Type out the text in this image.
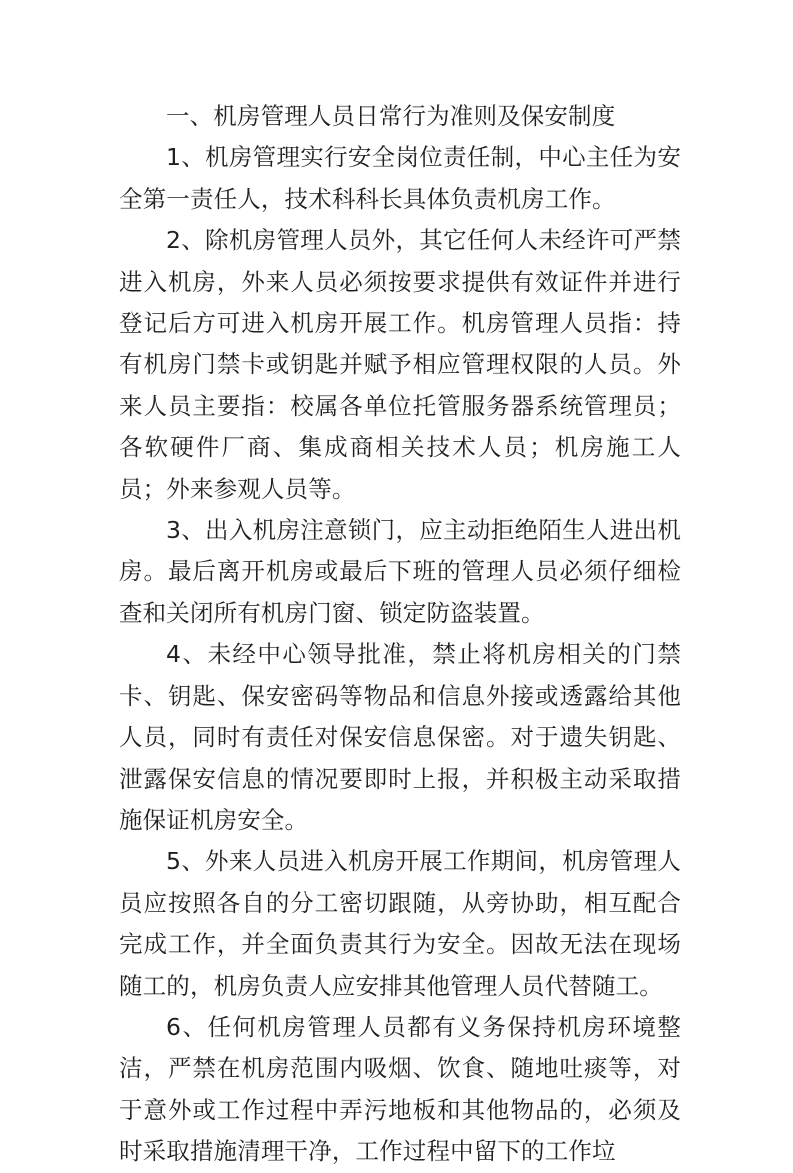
一、机房管理人员日常行为准则及保安制度

1、机房管理实行安全岗位责任制，中心主任为安全第一责任人，技术科科长具体负责机房工作。

2、除机房管理人员外，其它任何人未经许可严禁进入机房，外来人员必须按要求提供有效证件并进行登记后方可进入机房开展工作。机房管理人员指：持有机房门禁卡或钥匙并赋予相应管理权限的人员。外来人员主要指：校属各单位托管服务器系统管理员；各软硬件厂商、集成商相关技术人员；机房施工人员；外来参观人员等。

3、出入机房注意锁门，应主动拒绝陌生人进出机房。最后离开机房或最后下班的管理人员必须仔细检查和关闭所有机房门窗、锁定防盗装置。

4、未经中心领导批准，禁止将机房相关的门禁卡、钥匙、保安密码等物品和信息外接或透露给其他人员，同时有责任对保安信息保密。对于遗失钥匙、泄露保安信息的情况要即时上报，并积极主动采取措施保证机房安全。

5、外来人员进入机房开展工作期间，机房管理人员应按照各自的分工密切跟随，从旁协助，相互配合完成工作，并全面负责其行为安全。因故无法在现场随工的，机房负责人应安排其他管理人员代替随工。

6、任何机房管理人员都有义务保持机房环境整洁，严禁在机房范围内吸烟、饮食、随地吐痰等，对于意外或工作过程中弄污地板和其他物品的，必须及时采取措施清理干净，工作过程中留下的工作垃
